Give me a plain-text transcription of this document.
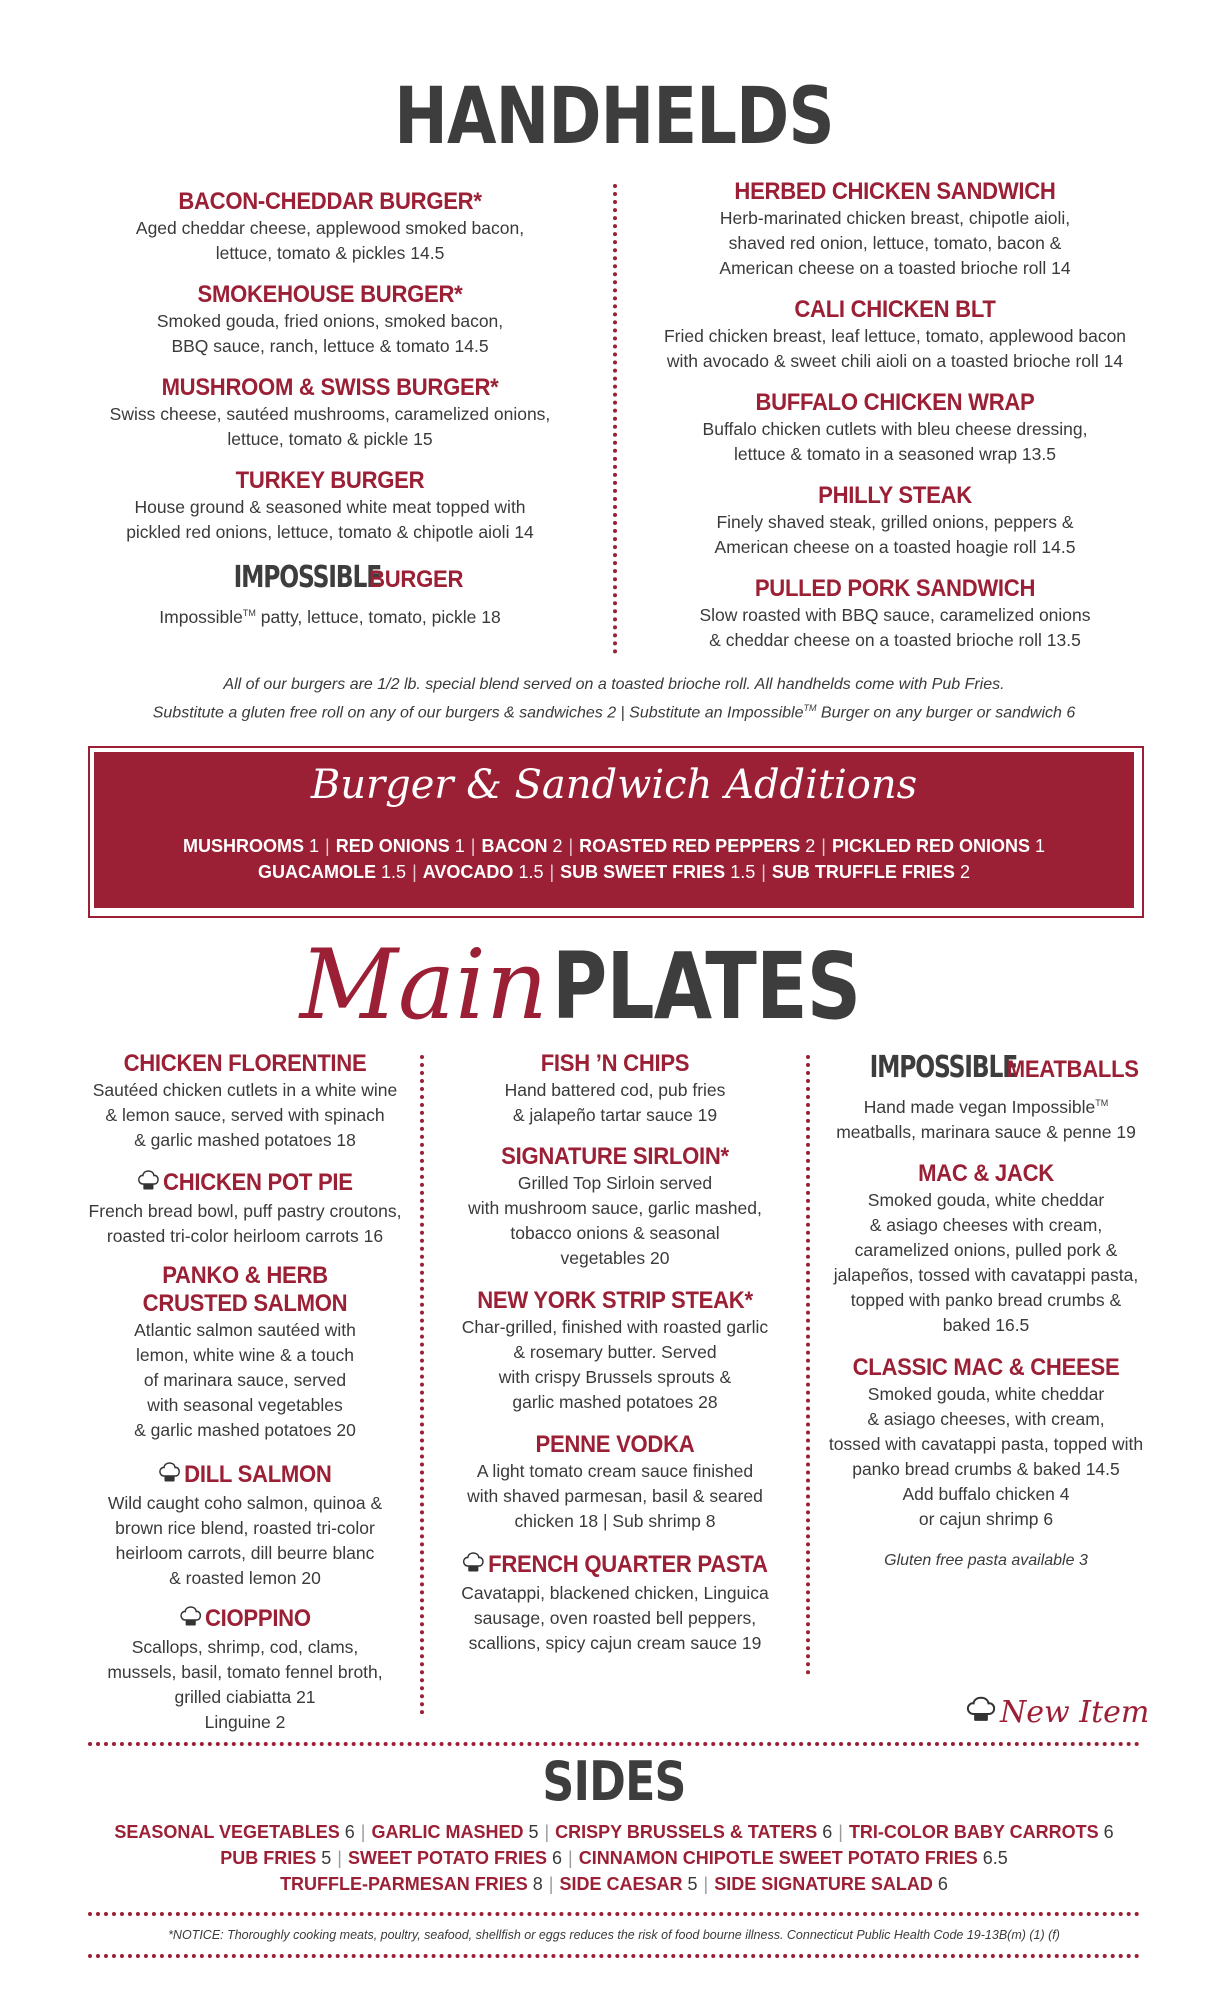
HANDHELDS
BACON-CHEDDAR BURGER*
Aged cheddar cheese, applewood smoked bacon,
lettuce, tomato & pickles 14.5
SMOKEHOUSE BURGER*
Smoked gouda, fried onions, smoked bacon,
BBQ sauce, ranch, lettuce & tomato 14.5
MUSHROOM & SWISS BURGER*
Swiss cheese, sautéed mushrooms, caramelized onions,
lettuce, tomato & pickle 15
TURKEY BURGER
House ground & seasoned white meat topped with
pickled red onions, lettuce, tomato & chipotle aioli 14
IMPOSSIBLEBURGER
Impossible™ patty, lettuce, tomato, pickle 18
HERBED CHICKEN SANDWICH
Herb-marinated chicken breast, chipotle aioli,
shaved red onion, lettuce, tomato, bacon &
American cheese on a toasted brioche roll 14
CALI CHICKEN BLT
Fried chicken breast, leaf lettuce, tomato, applewood bacon
with avocado & sweet chili aioli on a toasted brioche roll 14
BUFFALO CHICKEN WRAP
Buffalo chicken cutlets with bleu cheese dressing,
lettuce & tomato in a seasoned wrap 13.5
PHILLY STEAK
Finely shaved steak, grilled onions, peppers &
American cheese on a toasted hoagie roll 14.5
PULLED PORK SANDWICH
Slow roasted with BBQ sauce, caramelized onions
& cheddar cheese on a toasted brioche roll 13.5
All of our burgers are 1/2 lb. special blend served on a toasted brioche roll. All handhelds come with Pub Fries.
Substitute a gluten free roll on any of our burgers & sandwiches 2 | Substitute an Impossible™ Burger on any burger or sandwich 6
Burger & Sandwich Additions
MUSHROOMS 1 | RED ONIONS 1 | BACON 2 | ROASTED RED PEPPERS 2 | PICKLED RED ONIONS 1
GUACAMOLE 1.5 | AVOCADO 1.5 | SUB SWEET FRIES 1.5 | SUB TRUFFLE FRIES 2
Main PLATES
CHICKEN FLORENTINE
Sautéed chicken cutlets in a white wine
& lemon sauce, served with spinach
& garlic mashed potatoes 18
CHICKEN POT PIE
French bread bowl, puff pastry croutons,
roasted tri-color heirloom carrots 16
PANKO & HERB
CRUSTED SALMON
Atlantic salmon sautéed with
lemon, white wine & a touch
of marinara sauce, served
with seasonal vegetables
& garlic mashed potatoes 20
DILL SALMON
Wild caught coho salmon, quinoa &
brown rice blend, roasted tri-color
heirloom carrots, dill beurre blanc
& roasted lemon 20
CIOPPINO
Scallops, shrimp, cod, clams,
mussels, basil, tomato fennel broth,
grilled ciabiatta 21
Linguine 2
FISH ’N CHIPS
Hand battered cod, pub fries
& jalapeño tartar sauce 19
SIGNATURE SIRLOIN*
Grilled Top Sirloin served
with mushroom sauce, garlic mashed,
tobacco onions & seasonal
vegetables 20
NEW YORK STRIP STEAK*
Char-grilled, finished with roasted garlic
& rosemary butter. Served
with crispy Brussels sprouts &
garlic mashed potatoes 28
PENNE VODKA
A light tomato cream sauce finished
with shaved parmesan, basil & seared
chicken 18 | Sub shrimp 8
FRENCH QUARTER PASTA
Cavatappi, blackened chicken, Linguica
sausage, oven roasted bell peppers,
scallions, spicy cajun cream sauce 19
IMPOSSIBLEMEATBALLS
Hand made vegan Impossible™
meatballs, marinara sauce & penne 19
MAC & JACK
Smoked gouda, white cheddar
& asiago cheeses with cream,
caramelized onions, pulled pork &
jalapeños, tossed with cavatappi pasta,
topped with panko bread crumbs &
baked 16.5
CLASSIC MAC & CHEESE
Smoked gouda, white cheddar
& asiago cheeses, with cream,
tossed with cavatappi pasta, topped with
panko bread crumbs & baked 14.5
Add buffalo chicken 4
or cajun shrimp 6
Gluten free pasta available 3
New Item
SIDES
SEASONAL VEGETABLES 6 | GARLIC MASHED 5 | CRISPY BRUSSELS & TATERS 6 | TRI-COLOR BABY CARROTS 6
PUB FRIES 5 | SWEET POTATO FRIES 6 | CINNAMON CHIPOTLE SWEET POTATO FRIES 6.5
TRUFFLE-PARMESAN FRIES 8 | SIDE CAESAR 5 | SIDE SIGNATURE SALAD 6
*NOTICE: Thoroughly cooking meats, poultry, seafood, shellfish or eggs reduces the risk of food bourne illness. Connecticut Public Health Code 19-13B(m) (1) (f)
